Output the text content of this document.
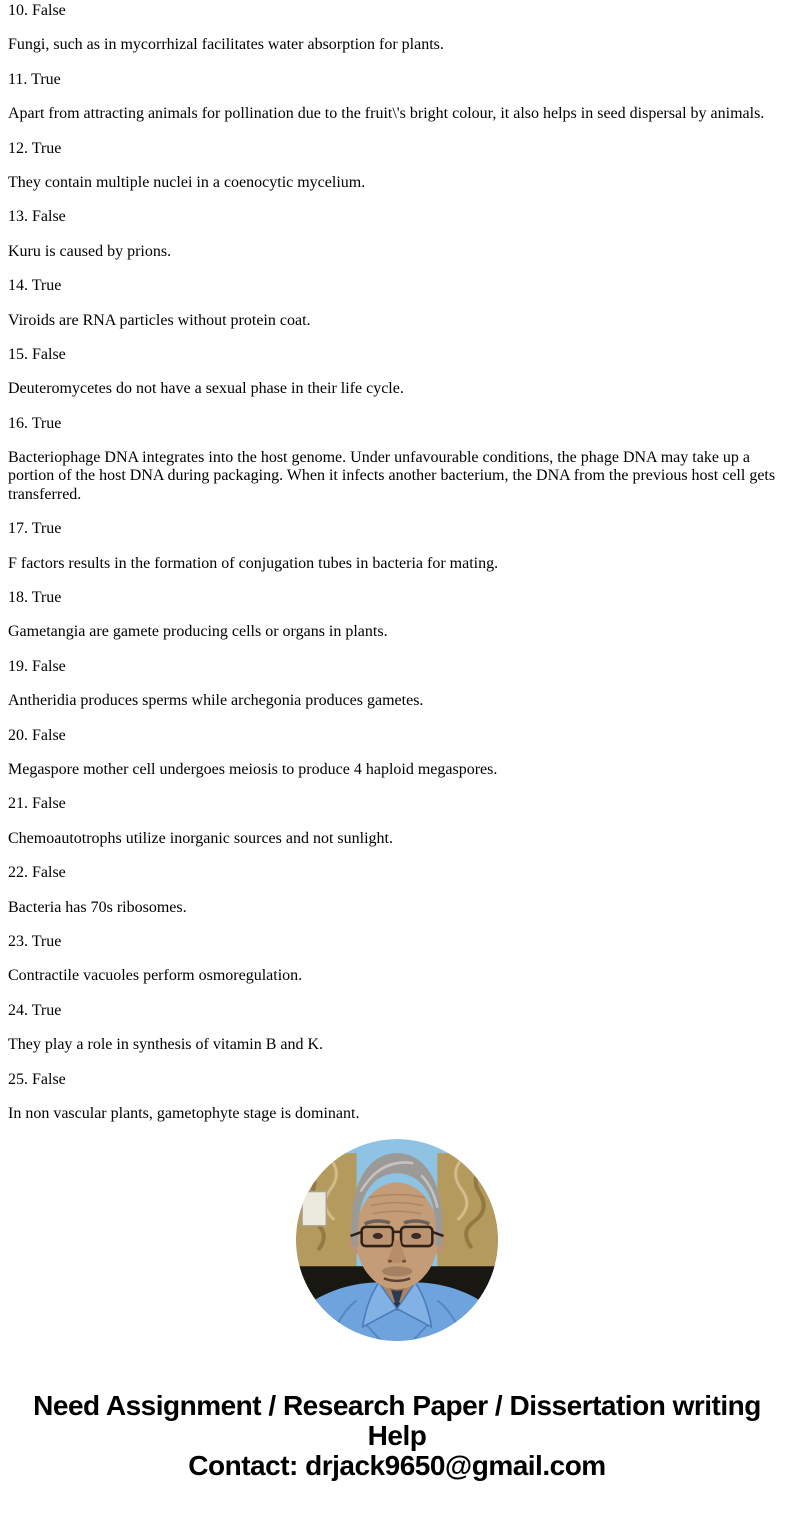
10. False

Fungi, such as in mycorrhizal facilitates water absorption for plants.

11. True

Apart from attracting animals for pollination due to the fruit\'s bright colour, it also helps in seed dispersal by animals.

12. True

They contain multiple nuclei in a coenocytic mycelium.

13. False

Kuru is caused by prions.

14. True

Viroids are RNA particles without protein coat.

15. False

Deuteromycetes do not have a sexual phase in their life cycle.

16. True

Bacteriophage DNA integrates into the host genome. Under unfavourable conditions, the phage DNA may take up a portion of the host DNA during packaging. When it infects another bacterium, the DNA from the previous host cell gets transferred.

17. True

F factors results in the formation of conjugation tubes in bacteria for mating.

18. True

Gametangia are gamete producing cells or organs in plants.

19. False

Antheridia produces sperms while archegonia produces gametes.

20. False

Megaspore mother cell undergoes meiosis to produce 4 haploid megaspores.

21. False

Chemoautotrophs utilize inorganic sources and not sunlight.

22. False

Bacteria has 70s ribosomes.

23. True

Contractile vacuoles perform osmoregulation.

24. True

They play a role in synthesis of vitamin B and K.

25. False

In non vascular plants, gametophyte stage is dominant.

Need Assignment / Research Paper / Dissertation writing Help
Contact: drjack9650@gmail.com
